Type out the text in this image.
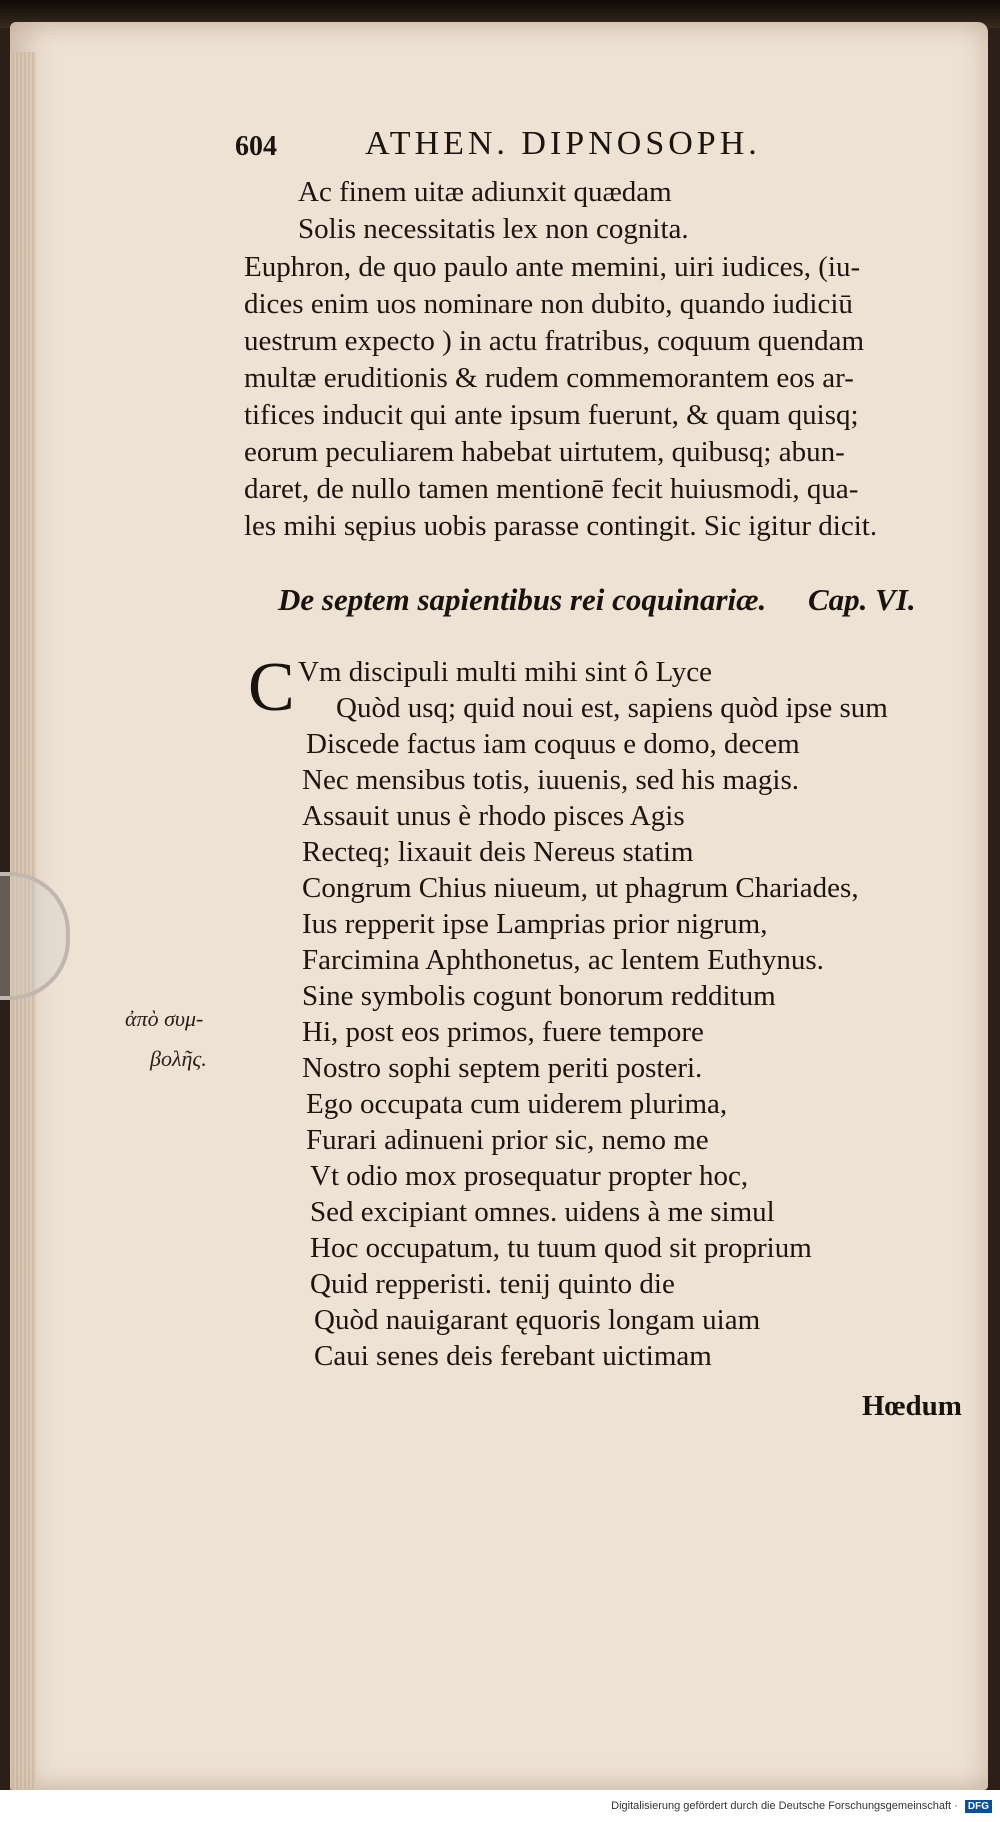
604	ATHEN. DIPNOSOPH.
Ac finem uitæ adiunxit quædam
Solis necessitatis lex non cognita.
Euphron, de quo paulo ante memini, uiri iudices, (iu-
dices enim uos nominare non dubito, quando iudiciū
uestrum expecto ) in actu fratribus, coquum quendam
multæ eruditionis & rudem commemorantem eos ar-
tifices inducit qui ante ipsum fuerunt, & quam quisq;
eorum peculiarem habebat uirtutem, quibusq; abun-
daret, de nullo tamen mentionē fecit huiusmodi, qua-
les mihi sępius uobis parasse contingit. Sic igitur dicit.
De septem sapientibus rei coquinariæ. Cap. VI.
C Vm discipuli multi mihi sint ô Lyce
Quòd usq; quid noui est, sapiens quòd ipse sum
Discede factus iam coquus e domo, decem
Nec mensibus totis, iuuenis, sed his magis.
Assauit unus è rhodo pisces Agis
Recteq; lixauit deis Nereus statim
Congrum Chius niueum, ut phagrum Chariades,
Ius repperit ipse Lamprias prior nigrum,
Farcimina Aphthonetus, ac lentem Euthynus.
Sine symbolis cogunt bonorum redditum
Hi, post eos primos, fuere tempore
Nostro sophi septem periti posteri.
Ego occupata cum uiderem plurima,
Furari adinueni prior sic, nemo me
Vt odio mox prosequatur propter hoc,
Sed excipiant omnes. uidens à me simul
Hoc occupatum, tu tuum quod sit proprium
Quid repperisti. tenij quinto die
Quòd nauigarant ęquoris longam uiam
Caui senes deis ferebant uictimam
ἀπὸ συμ-
βολῆς.
Hœdum
Digitalisierung gefördert durch die Deutsche Forschungsgemeinschaft · DFG
